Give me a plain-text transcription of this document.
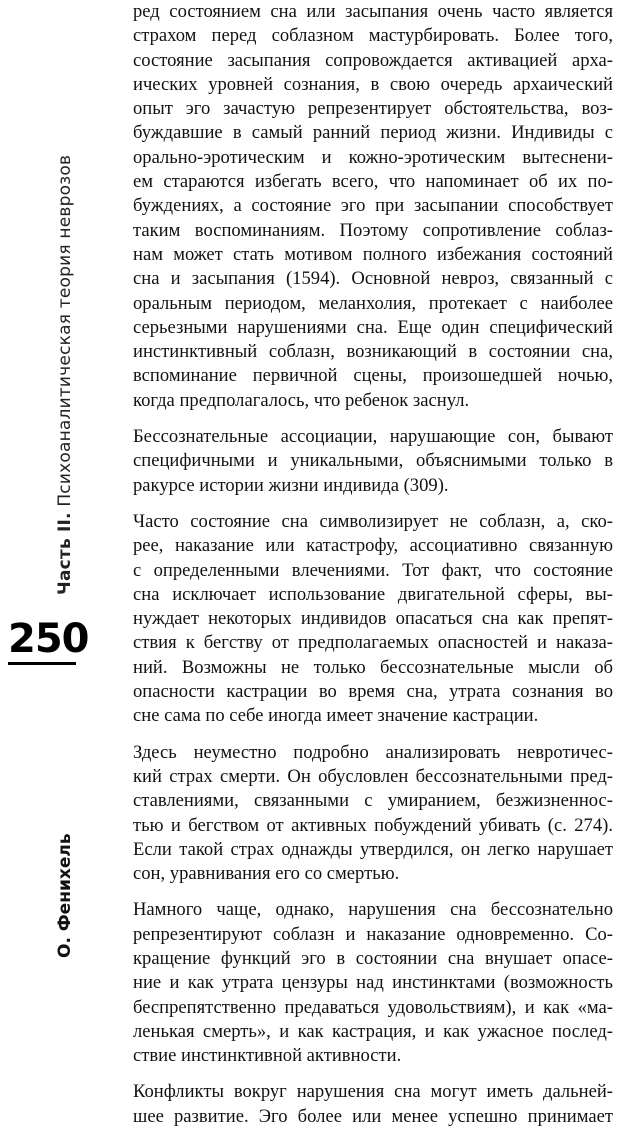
Часть II. Психоаналитическая теория неврозов
250
О. Фенихель
ред состоянием сна или засыпания очень часто является
страхом перед соблазном мастурбировать. Более того,
состояние засыпания сопровождается активацией арха-
ических уровней сознания, в свою очередь архаический
опыт эго зачастую репрезентирует обстоятельства, воз-
буждавшие в самый ранний период жизни. Индивиды с
орально-эротическим и кожно-эротическим вытеснени-
ем стараются избегать всего, что напоминает об их по-
буждениях, а состояние эго при засыпании способствует
таким воспоминаниям. Поэтому сопротивление соблаз-
нам может стать мотивом полного избежания состояний
сна и засыпания (1594). Основной невроз, связанный с
оральным периодом, меланхолия, протекает с наиболее
серьезными нарушениями сна. Еще один специфический
инстинктивный соблазн, возникающий в состоянии сна,
вспоминание первичной сцены, произошедшей ночью,
когда предполагалось, что ребенок заснул.
Бессознательные ассоциации, нарушающие сон, бывают
специфичными и уникальными, объяснимыми только в
ракурсе истории жизни индивида (309).
Часто состояние сна символизирует не соблазн, а, ско-
рее, наказание или катастрофу, ассоциативно связанную
с определенными влечениями. Тот факт, что состояние
сна исключает использование двигательной сферы, вы-
нуждает некоторых индивидов опасаться сна как препят-
ствия к бегству от предполагаемых опасностей и наказа-
ний. Возможны не только бессознательные мысли об
опасности кастрации во время сна, утрата сознания во
сне сама по себе иногда имеет значение кастрации.
Здесь неуместно подробно анализировать невротичес-
кий страх смерти. Он обусловлен бессознательными пред-
ставлениями, связанными с умиранием, безжизненнос-
тью и бегством от активных побуждений убивать (с. 274).
Если такой страх однажды утвердился, он легко нарушает
сон, уравнивания его со смертью.
Намного чаще, однако, нарушения сна бессознательно
репрезентируют соблазн и наказание одновременно. Со-
кращение функций эго в состоянии сна внушает опасе-
ние и как утрата цензуры над инстинктами (возможность
беспрепятственно предаваться удовольствиям), и как «ма-
ленькая смерть», и как кастрация, и как ужасное послед-
ствие инстинктивной активности.
Конфликты вокруг нарушения сна могут иметь дальней-
шее развитие. Эго более или менее успешно принимает
